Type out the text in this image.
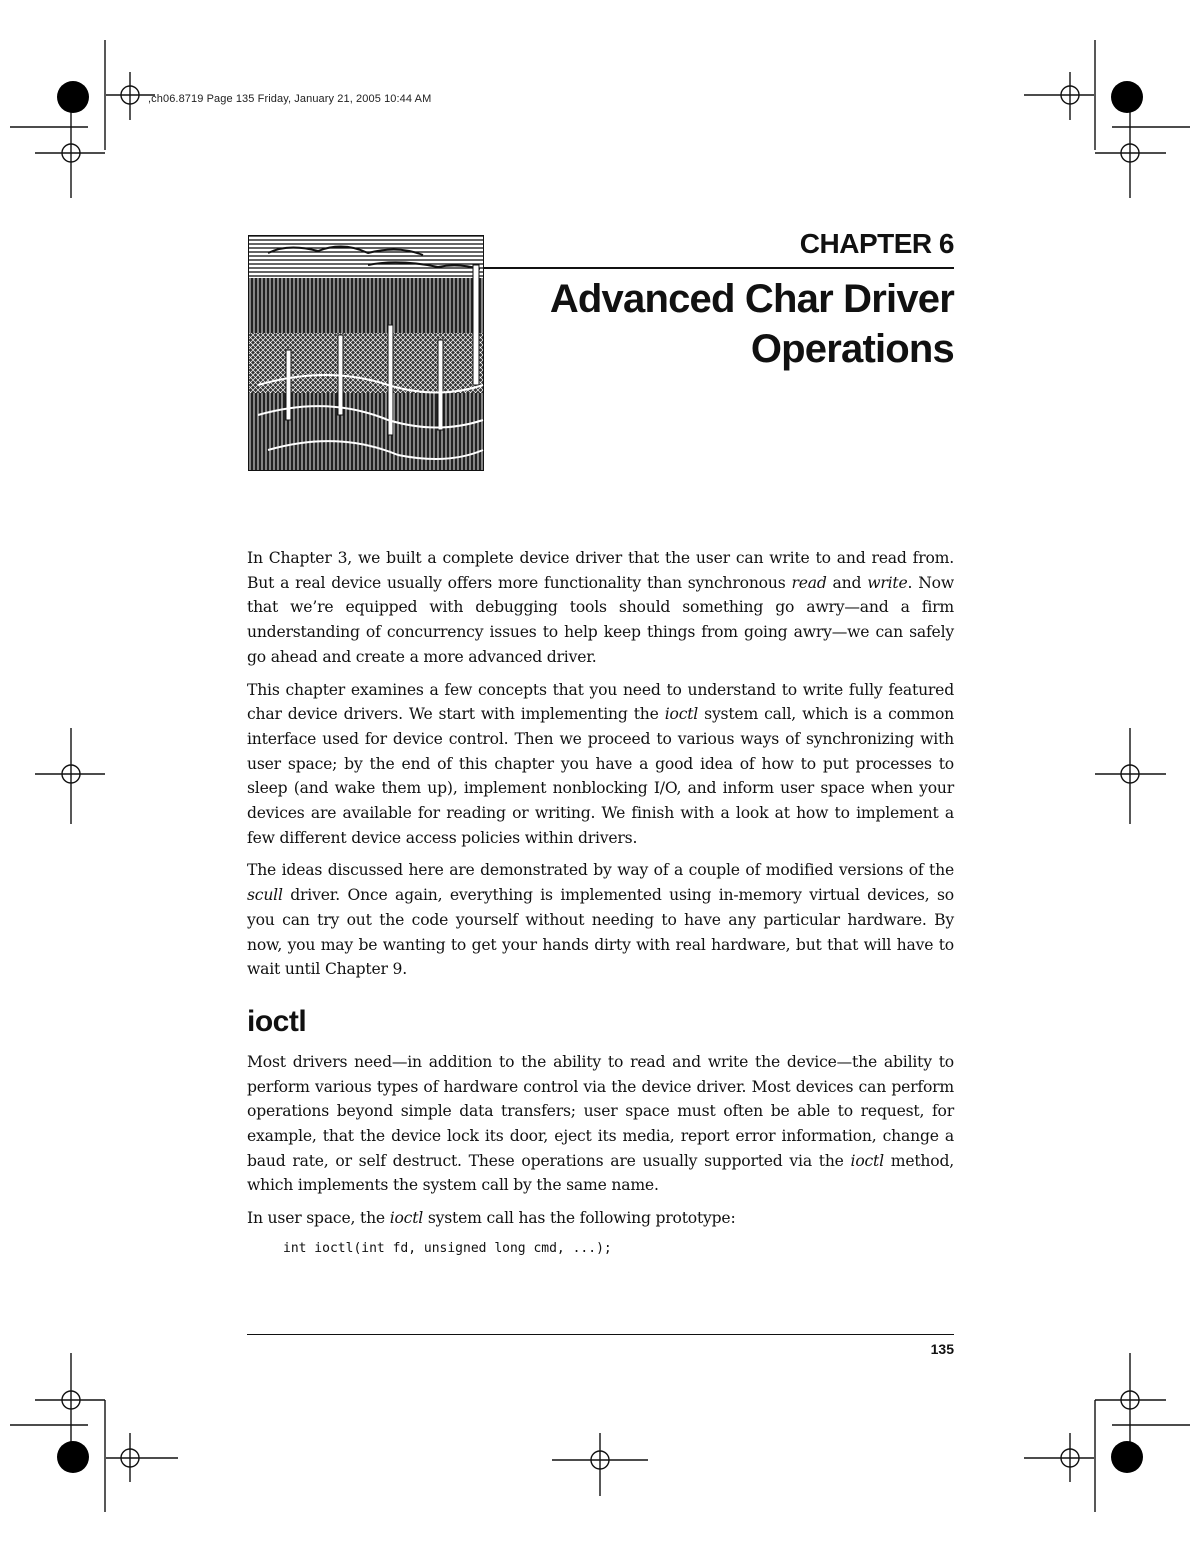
,ch06.8719 Page 135 Friday, January 21, 2005 10:44 AM
CHAPTER 6
Advanced Char Driver
Operations

In Chapter 3, we built a complete device driver that the user can write to and read from. But a real device usually offers more functionality than synchronous read and write. Now that we’re equipped with debugging tools should something go awry—and a firm understanding of concurrency issues to help keep things from going awry—we can safely go ahead and create a more advanced driver.

This chapter examines a few concepts that you need to understand to write fully featured char device drivers. We start with implementing the ioctl system call, which is a common interface used for device control. Then we proceed to various ways of synchronizing with user space; by the end of this chapter you have a good idea of how to put processes to sleep (and wake them up), implement nonblocking I/O, and inform user space when your devices are available for reading or writing. We finish with a look at how to implement a few different device access policies within drivers.

The ideas discussed here are demonstrated by way of a couple of modified versions of the scull driver. Once again, everything is implemented using in-memory virtual devices, so you can try out the code yourself without needing to have any particular hardware. By now, you may be wanting to get your hands dirty with real hardware, but that will have to wait until Chapter 9.

ioctl

Most drivers need—in addition to the ability to read and write the device—the ability to perform various types of hardware control via the device driver. Most devices can perform operations beyond simple data transfers; user space must often be able to request, for example, that the device lock its door, eject its media, report error information, change a baud rate, or self destruct. These operations are usually supported via the ioctl method, which implements the system call by the same name.

In user space, the ioctl system call has the following prototype:

int ioctl(int fd, unsigned long cmd, ...);
135
